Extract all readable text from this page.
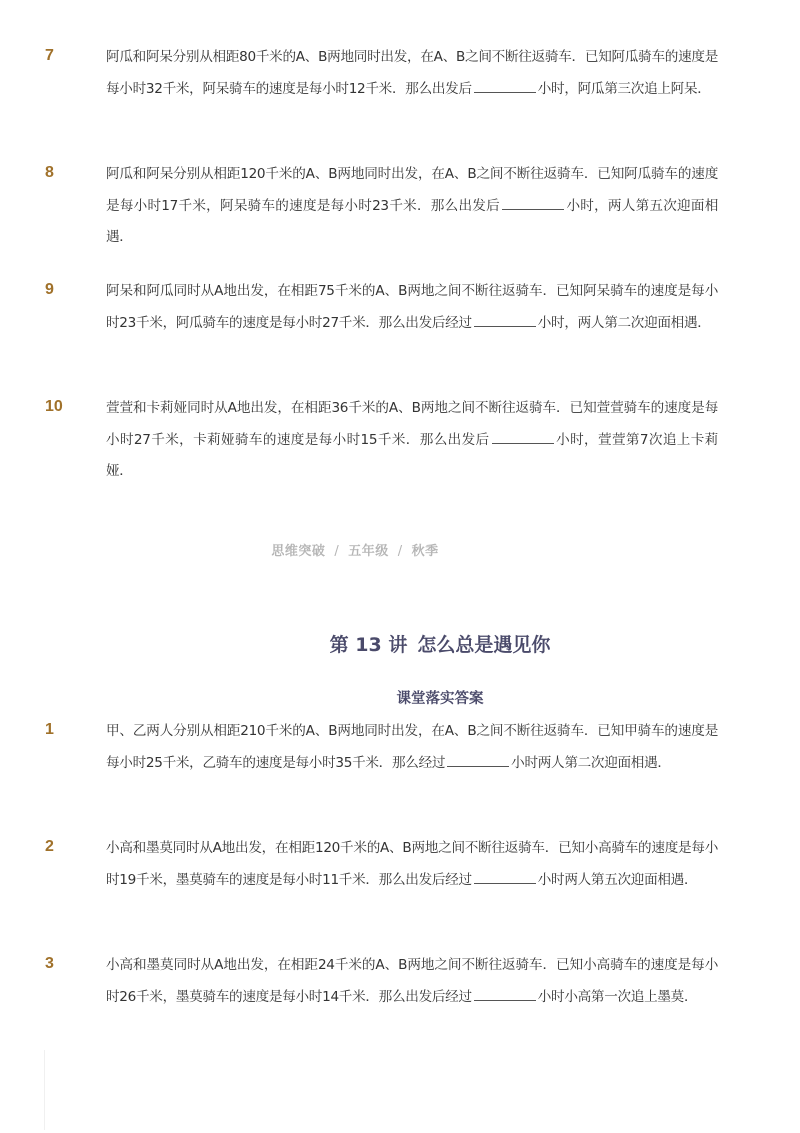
7	阿瓜和阿呆分别从相距80千米的A、B两地同时出发，在A、B之间不断往返骑车．已知阿瓜骑车的速度是每小时32千米，阿呆骑车的速度是每小时12千米．那么出发后	小时，阿瓜第三次追上阿呆．
8	阿瓜和阿呆分别从相距120千米的A、B两地同时出发，在A、B之间不断往返骑车．已知阿瓜骑车的速度是每小时17千米，阿呆骑车的速度是每小时23千米．那么出发后	小时，两人第五次迎面相遇．
9	阿呆和阿瓜同时从A地出发，在相距75千米的A、B两地之间不断往返骑车．已知阿呆骑车的速度是每小时23千米，阿瓜骑车的速度是每小时27千米．那么出发后经过	小时，两人第二次迎面相遇．
10	萱萱和卡莉娅同时从A地出发，在相距36千米的A、B两地之间不断往返骑车．已知萱萱骑车的速度是每小时27千米，卡莉娅骑车的速度是每小时15千米．那么出发后	小时，萱萱第7次追上卡莉娅．
思维突破 / 五年级 / 秋季
第 13 讲 怎么总是遇见你
课堂落实答案
1	甲、乙两人分别从相距210千米的A、B两地同时出发，在A、B之间不断往返骑车．已知甲骑车的速度是每小时25千米，乙骑车的速度是每小时35千米．那么经过	小时两人第二次迎面相遇．
2	小高和墨莫同时从A地出发，在相距120千米的A、B两地之间不断往返骑车．已知小高骑车的速度是每小时19千米，墨莫骑车的速度是每小时11千米．那么出发后经过	小时两人第五次迎面相遇．
3	小高和墨莫同时从A地出发，在相距24千米的A、B两地之间不断往返骑车．已知小高骑车的速度是每小时26千米，墨莫骑车的速度是每小时14千米．那么出发后经过	小时小高第一次追上墨莫．
